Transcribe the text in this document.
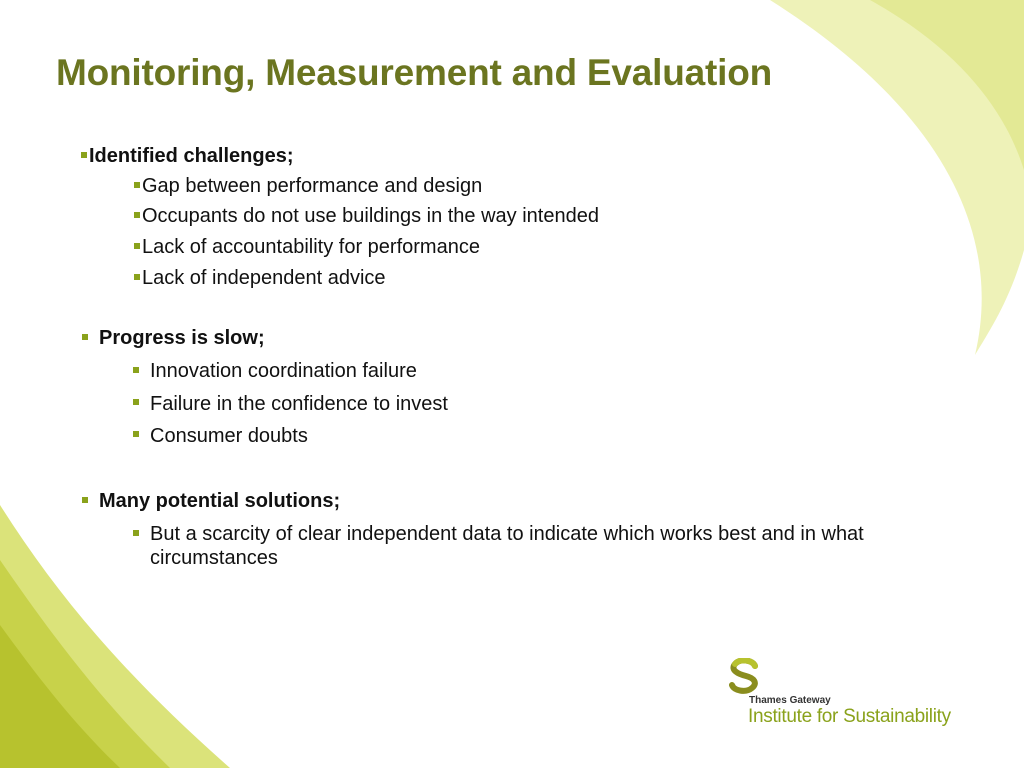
Monitoring, Measurement and Evaluation
Identified challenges;
Gap between performance and design
Occupants do not use buildings in the way intended
Lack of accountability for performance
Lack of independent advice
Progress is slow;
Innovation coordination failure
Failure in the confidence to invest
Consumer doubts
Many potential solutions;
But a scarcity of clear independent data to indicate which works best and in what circumstances
Thames Gateway
Institute for Sustainability
